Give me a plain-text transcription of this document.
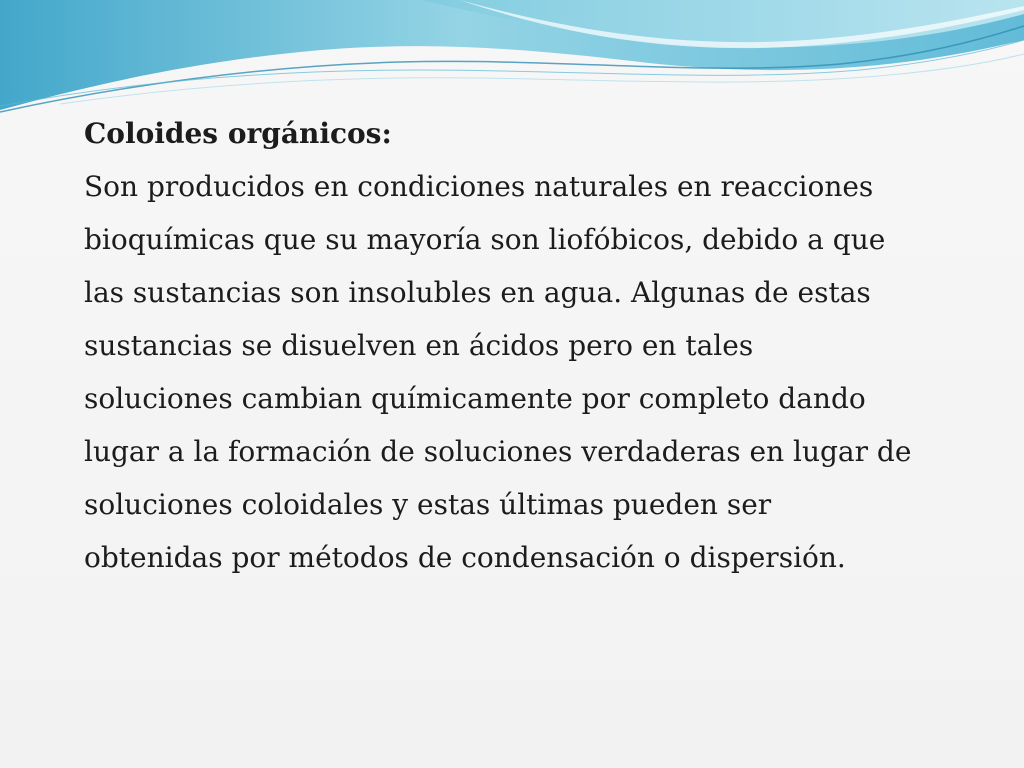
Coloides orgánicos:
Son producidos en condiciones naturales en reacciones
bioquímicas que su mayoría son liofóbicos, debido a que
las sustancias son insolubles en agua. Algunas de estas
sustancias se disuelven en ácidos pero en tales
soluciones cambian químicamente por completo dando
lugar a la formación de soluciones verdaderas en lugar de
soluciones coloidales y estas últimas pueden ser
obtenidas por métodos de condensación o dispersión.
